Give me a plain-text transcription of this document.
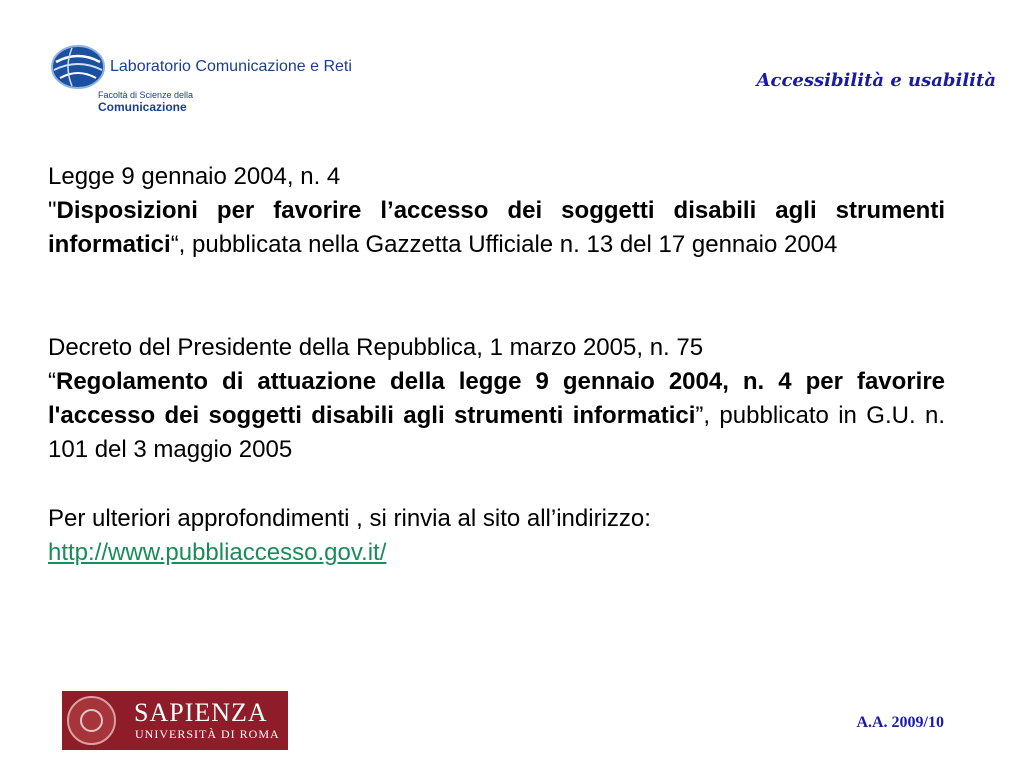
Laboratorio Comunicazione e Reti
Facoltà di Scienze della
Comunicazione
Accessibilità e usabilità

Legge 9 gennaio 2004, n. 4
"Disposizioni per favorire l’accesso dei soggetti disabili agli strumenti informatici“, pubblicata nella Gazzetta Ufficiale n. 13 del 17 gennaio 2004

Decreto del Presidente della Repubblica, 1 marzo 2005, n. 75
“Regolamento di attuazione della legge 9 gennaio 2004, n. 4 per favorire l'accesso dei soggetti disabili agli strumenti informatici”, pubblicato in G.U. n. 101 del 3 maggio 2005

Per ulteriori approfondimenti , si rinvia al sito all’indirizzo:
http://www.pubbliaccesso.gov.it/

SAPIENZA
UNIVERSITÀ DI ROMA
A.A. 2009/10
